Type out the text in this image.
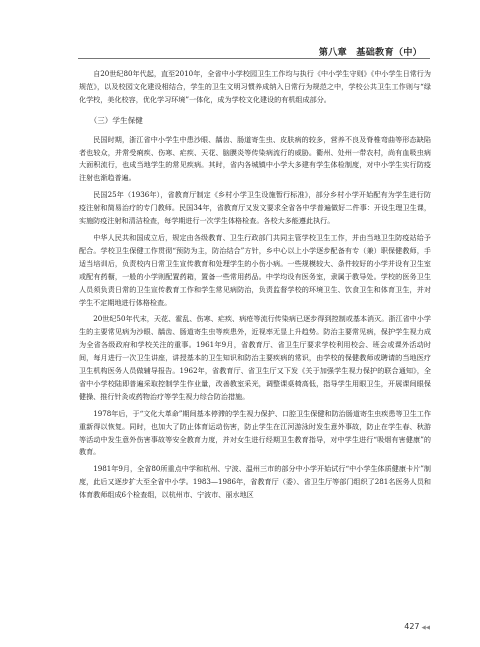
第八章　基础教育（中）

自20世纪80年代起，直至2010年，全省中小学校园卫生工作均与执行《中小学生守则》《中小学生日常行为规范》，以及校园文化建设相结合，学生的卫生文明习惯养成纳入日常行为规范之中，学校公共卫生工作则与“绿化学校，美化校容，优化学习环境”一体化，成为学校文化建设的有机组成部分。

（三）学生保健

民国时期，浙江省中小学生中患沙眼、龋齿、肠道寄生虫、皮肤病的较多，营养不良及脊椎弯曲等形态缺陷者也较众，并常受痢疾、伤寒、疟疾、天花、脑膜炎等传染病流行的威胁。衢州、处州一带农村，尚有血吸虫病大面积流行，也成当地学生的常见疾病。其时，省内各城镇中小学大多建有学生体检制度，对中小学生实行防疫注射也渐趋普遍。

民国25年（1936年），省教育厅制定《乡村小学卫生设施暂行标准》，部分乡村小学开始配有为学生进行防疫注射和简易治疗的专门教师。民国34年，省教育厅又发文要求全省各中学普遍做好二件事：开设生理卫生课，实施防疫注射和清洁检查，每学期进行一次学生体格检查。各校大多能遵此执行。

中华人民共和国成立后，规定由各级教育、卫生行政部门共同主管学校卫生工作，并由当地卫生防疫站给予配合。学校卫生保健工作贯彻“预防为主，防治结合”方针，乡中心以上小学逐步配备有专（兼）职保健教师，手适当培训后，负责校内日常卫生宣传教育和处理学生的小伤小病。一些规模较大、条件较好的小学并设有卫生室或配有药橱，一般的小学则配置药箱，置备一些常用药品。中学均设有医务室，隶属于教导处。学校的医务卫生人员须负责日常的卫生宣传教育工作和学生常见病防治，负责监督学校的环境卫生、饮食卫生和体育卫生，并对学生不定期地进行体格检查。

20世纪50年代末，天花、霍乱、伤寒、疟疾、病疮等流行传染病已逐步得到控制或基本消灭。浙江省中小学生的主要常见病为沙眼、龋齿、肠道寄生虫等疾患外，近视率无显上升趋势。防治主要常见病，保护学生视力成为全省各级政府和学校关注的重事。1961年9月，省教育厅、省卫生厅要求学校利用校会、班会或课外活动时间，每月进行一次卫生讲座，讲授基本的卫生知识和防治主要疾病的常识，由学校的保健教师或聘请的当地医疗卫生机构医务人员做辅导报告。1962年，省教育厅、省卫生厅又下发《关于加强学生视力保护的联合通知》，全省中小学校陆即普遍采取控制学生作业量，改善教室采光，调整课桌椅高低，指导学生用眼卫生，开展课间眼保健操、推行针灸或药物治疗等学生视力综合防治措施。

1978年后，于“文化大革命”期间基本停滞的学生视力保护、口腔卫生保健和防治肠道寄生虫疾患等卫生工作重新得以恢复。同时，也加大了防止体育运动伤害，防止学生在江河游泳时发生意外事故，防止在学生春、秋游等活动中发生意外伤害事故等安全教育力度，并对女生进行经期卫生教育指导，对中学生进行“吸烟有害健康”的教育。

1981年9月，全省80所重点中学和杭州、宁波、温州三市的部分中小学开始试行“中小学生体质健康卡片”制度，此后又逐步扩大至全省中小学。1983—1986年，省教育厅（委）、省卫生厅等部门组织了281名医务人员和体育教师组成6个检查组，以杭州市、宁波市、丽水地区

427 ◀◀
